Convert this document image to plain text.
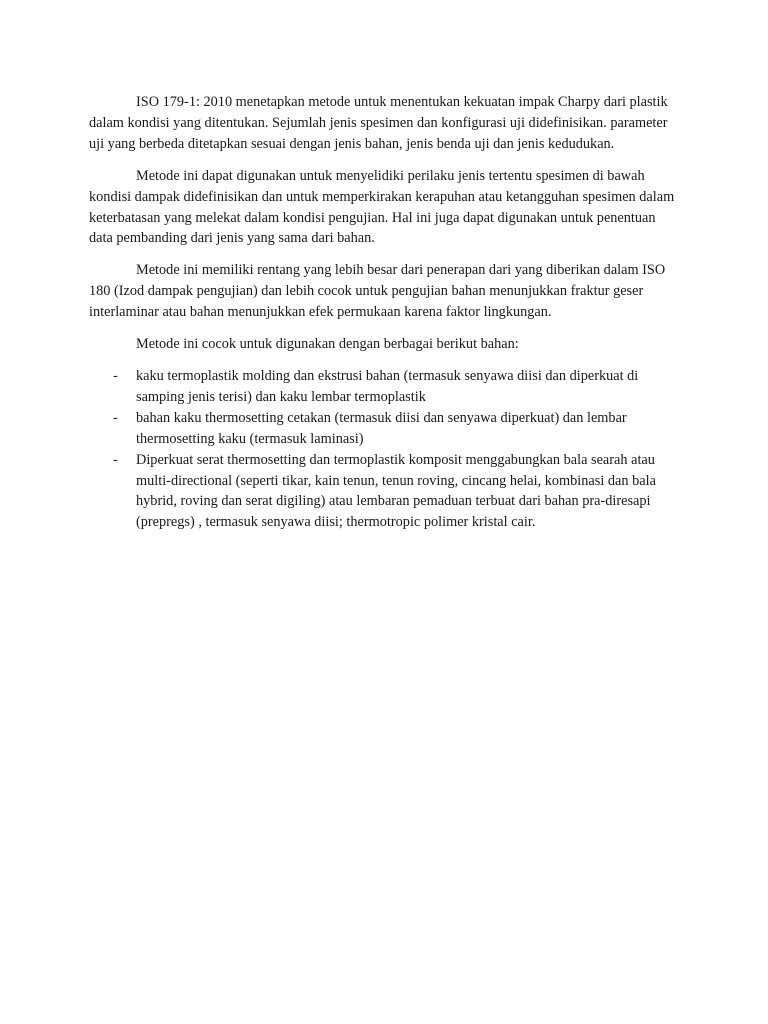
ISO 179-1: 2010 menetapkan metode untuk menentukan kekuatan impak Charpy dari plastik dalam kondisi yang ditentukan. Sejumlah jenis spesimen dan konfigurasi uji didefinisikan. parameter uji yang berbeda ditetapkan sesuai dengan jenis bahan, jenis benda uji dan jenis kedudukan.

Metode ini dapat digunakan untuk menyelidiki perilaku jenis tertentu spesimen di bawah kondisi dampak didefinisikan dan untuk memperkirakan kerapuhan atau ketangguhan spesimen dalam keterbatasan yang melekat dalam kondisi pengujian. Hal ini juga dapat digunakan untuk penentuan data pembanding dari jenis yang sama dari bahan.

Metode ini memiliki rentang yang lebih besar dari penerapan dari yang diberikan dalam ISO 180 (Izod dampak pengujian) dan lebih cocok untuk pengujian bahan menunjukkan fraktur geser interlaminar atau bahan menunjukkan efek permukaan karena faktor lingkungan.

Metode ini cocok untuk digunakan dengan berbagai berikut bahan:

- kaku termoplastik molding dan ekstrusi bahan (termasuk senyawa diisi dan diperkuat di samping jenis terisi) dan kaku lembar termoplastik
- bahan kaku thermosetting cetakan (termasuk diisi dan senyawa diperkuat) dan lembar thermosetting kaku (termasuk laminasi)
- Diperkuat serat thermosetting dan termoplastik komposit menggabungkan bala searah atau multi-directional (seperti tikar, kain tenun, tenun roving, cincang helai, kombinasi dan bala hybrid, roving dan serat digiling) atau lembaran pemaduan terbuat dari bahan pra-diresapi (prepregs) , termasuk senyawa diisi; thermotropic polimer kristal cair.
